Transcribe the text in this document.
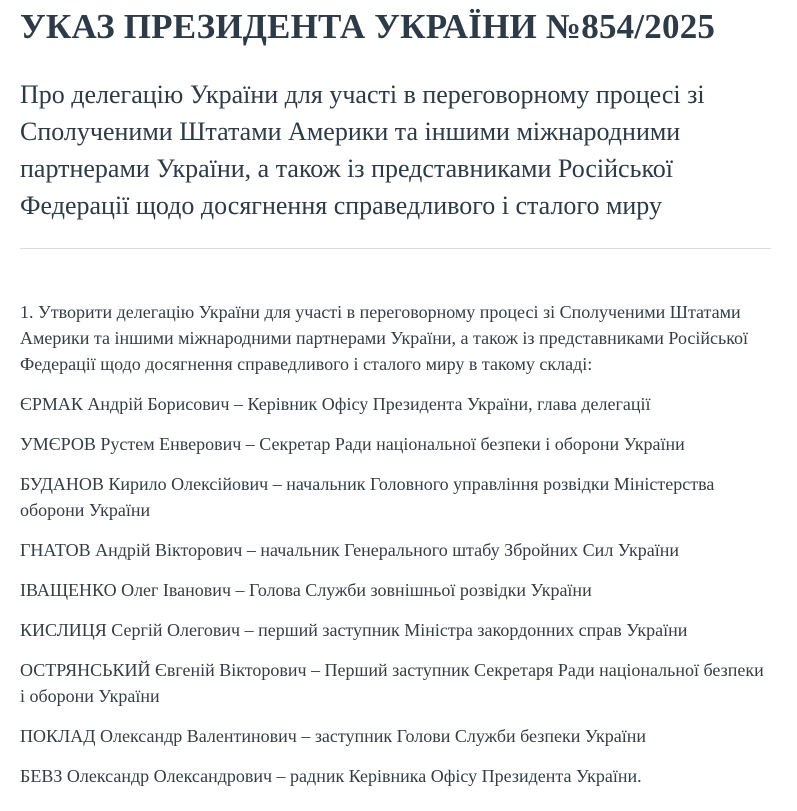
УКАЗ ПРЕЗИДЕНТА УКРАЇНИ №854/2025
Про делегацію України для участі в переговорному процесі зі Сполученими Штатами Америки та іншими міжнародними партнерами України, а також із представниками Російської Федерації щодо досягнення справедливого і сталого миру

1. Утворити делегацію України для участі в переговорному процесі зі Сполученими Штатами Америки та іншими міжнародними партнерами України, а також із представниками Російської Федерації щодо досягнення справедливого і сталого миру в такому складі:

ЄРМАК Андрій Борисович – Керівник Офісу Президента України, глава делегації

УМЄРОВ Рустем Енверович – Секретар Ради національної безпеки і оборони України

БУДАНОВ Кирило Олексійович – начальник Головного управління розвідки Міністерства оборони України

ГНАТОВ Андрій Вікторович – начальник Генерального штабу Збройних Сил України

ІВАЩЕНКО Олег Іванович – Голова Служби зовнішньої розвідки України

КИСЛИЦЯ Сергій Олегович – перший заступник Міністра закордонних справ України

ОСТРЯНСЬКИЙ Євгеній Вікторович – Перший заступник Секретаря Ради національної безпеки і оборони України

ПОКЛАД Олександр Валентинович – заступник Голови Служби безпеки України

БЕВЗ Олександр Олександрович – радник Керівника Офісу Президента України.
